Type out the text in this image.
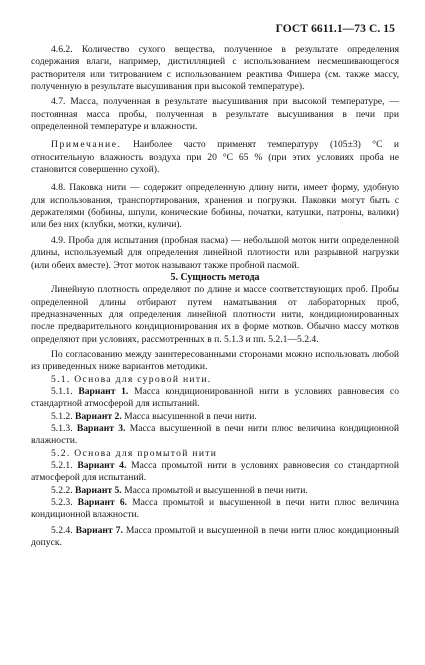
ГОСТ 6611.1—73 С. 15

4.6.2. Количество сухого вещества, полученное в результате определения содержания влаги, например, дистилляцией с использованием несмешивающегося растворителя или титрованием с использованием реактива Фишера (см. также массу, полученную в результате высушивания при высокой температуре).

4.7. Масса, полученная в результате высушивания при высокой температуре, — постоянная масса пробы, полученная в результате высушивания в печи при определенной температуре и влажности.

Примечание. Наиболее часто применят температуру (105±3) °С и относительную влажность воздуха при 20 °С 65 % (при этих условиях проба не становится совершенно сухой).

4.8. Паковка нити — содержит определенную длину нити, имеет форму, удобную для использования, транспортирования, хранения и погрузки. Паковки могут быть с держателями (бобины, шпули, конические бобины, початки, катушки, патроны, валики) или без них (клубки, мотки, куличи).

4.9. Проба для испытания (пробная пасма) — небольшой моток нити определенной длины, используемый для определения линейной плотности или разрывной нагрузки (или обеих вместе). Этот моток называют также пробной пасмой.

5. Сущность метода

Линейную плотность определяют по длине и массе соответствующих проб. Пробы определенной длины отбирают путем наматывания от лабораторных проб, предназначенных для определения линейной плотности нити, кондиционированных после предварительного кондиционирования их в форме мотков. Обычно массу мотков определяют при условиях, рассмотренных в п. 5.1.3 и пп. 5.2.1—5.2.4.

По согласованию между заинтересованными сторонами можно использовать любой из приведенных ниже вариантов методики.

5.1. Основа для суровой нити.

5.1.1. Вариант 1. Масса кондиционированной нити в условиях равновесия со стандартной атмосферой для испытаний.

5.1.2. Вариант 2. Масса высушенной в печи нити.

5.1.3. Вариант 3. Масса высушенной в печи нити плюс величина кондиционной влажности.

5.2. Основа для промытой нити

5.2.1. Вариант 4. Масса промытой нити в условиях равновесия со стандартной атмосферой для испытаний.

5.2.2. Вариант 5. Масса промытой и высушенной в печи нити.

5.2.3. Вариант 6. Масса промытой и высушенной в печи нити плюс величина кондиционной влажности.

5.2.4. Вариант 7. Масса промытой и высушенной в печи нити плюс кондиционный допуск.
